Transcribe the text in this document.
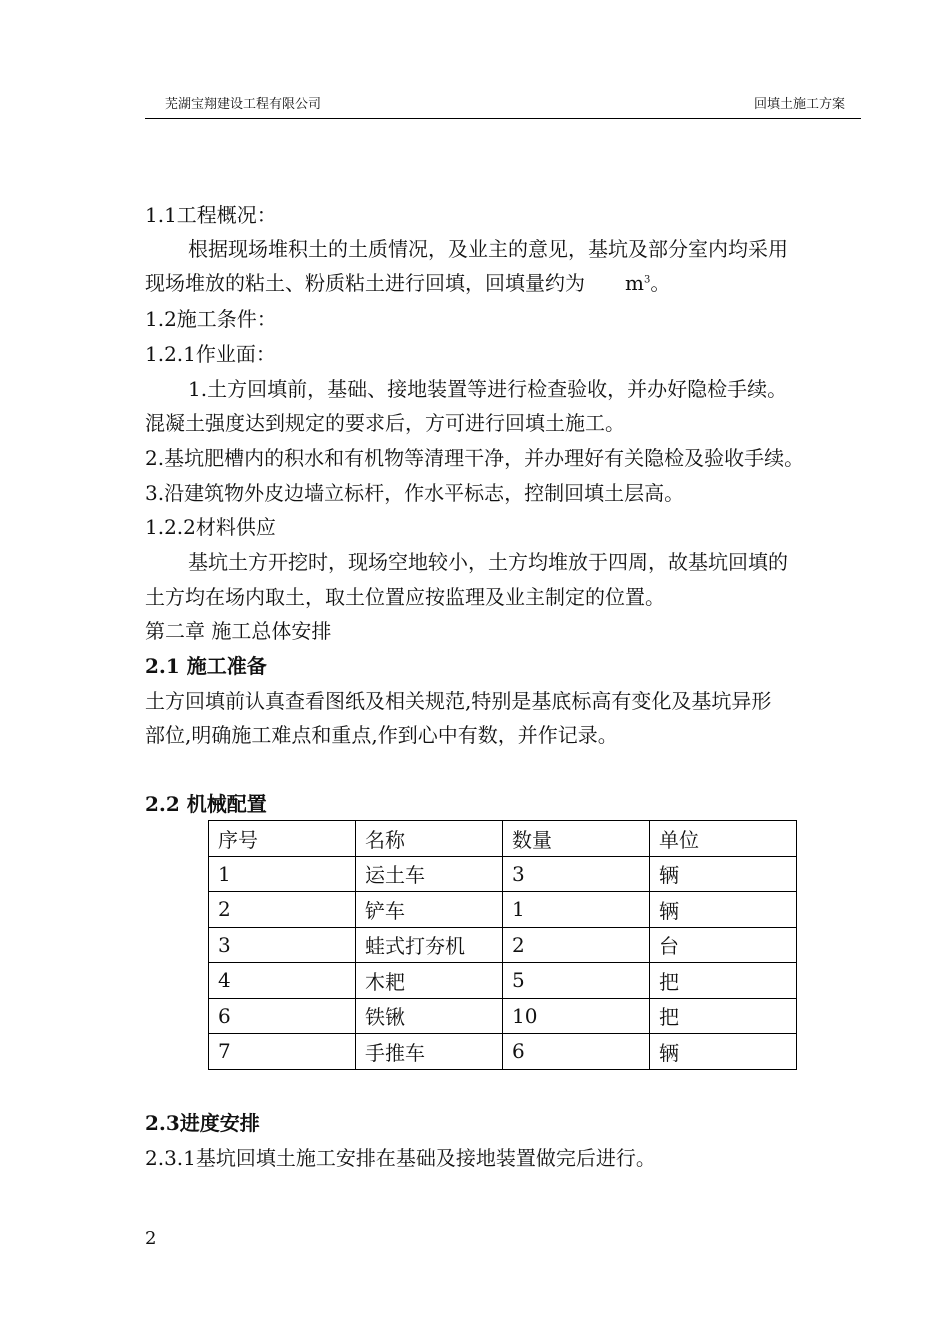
芜湖宝翔建设工程有限公司	回填土施工方案
1.1工程概况：
根据现场堆积土的土质情况，及业主的意见，基坑及部分室内均采用
现场堆放的粘土、粉质粘土进行回填，回填量约为　　$m^3$。
1.2施工条件：
1.2.1作业面：
1.土方回填前，基础、接地装置等进行检查验收，并办好隐检手续。
混凝土强度达到规定的要求后，方可进行回填土施工。
2.基坑肥槽内的积水和有机物等清理干净，并办理好有关隐检及验收手续。
3.沿建筑物外皮边墙立标杆，作水平标志，控制回填土层高。
1.2.2材料供应
基坑土方开挖时，现场空地较小，土方均堆放于四周，故基坑回填的
土方均在场内取土，取土位置应按监理及业主制定的位置。
第二章 施工总体安排
2.1 施工准备
土方回填前认真查看图纸及相关规范,特别是基底标高有变化及基坑异形
部位,明确施工难点和重点,作到心中有数，并作记录。
2.2 机械配置
序号	名称	数量	单位
1	运土车	3	辆
2	铲车	1	辆
3	蛙式打夯机	2	台
4	木耙	5	把
6	铁锹	10	把
7	手推车	6	辆
2.3进度安排
2.3.1基坑回填土施工安排在基础及接地装置做完后进行。
2
